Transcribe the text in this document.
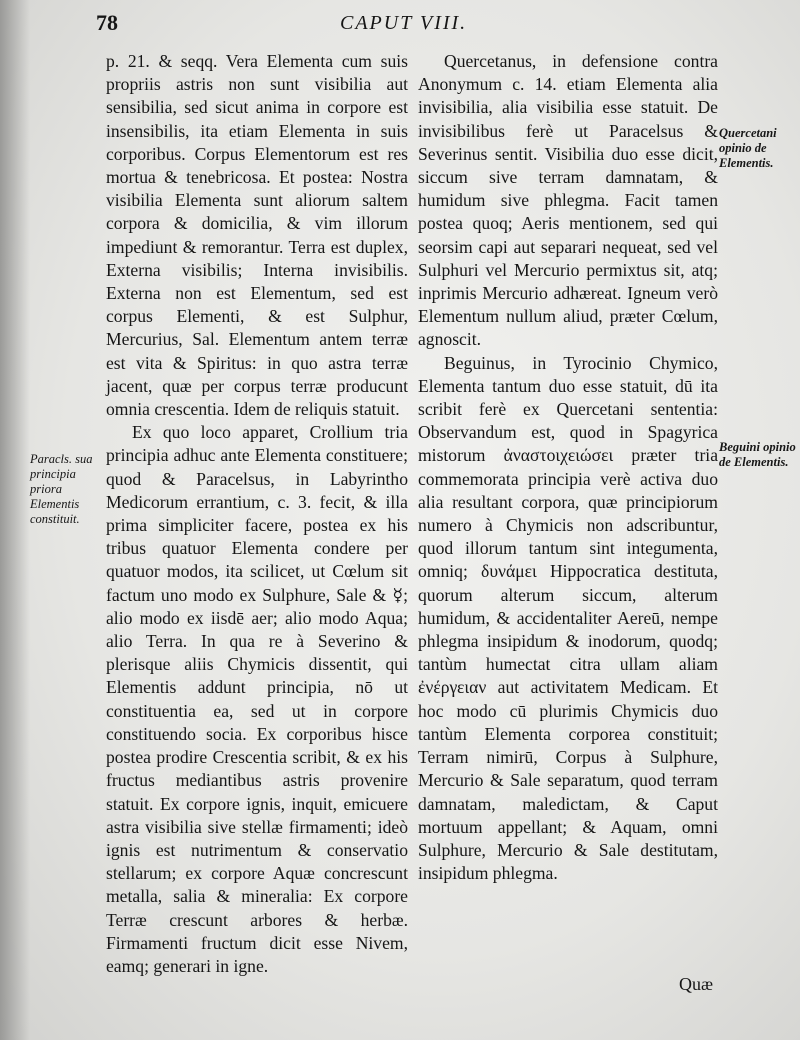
78	CAPUT VIII.

p. 21. & seqq. Vera Elementa cum suis propriis astris non sunt visibilia aut sensibilia, sed sicut anima in corpore est insensibilis, ita etiam Elementa in suis corporibus. Corpus Elementorum est res mortua & tenebricosa. Et postea: Nostra visibilia Elementa sunt aliorum saltem corpora & domicilia, & vim illorum impediunt & remorantur. Terra est duplex, Externa visibilis; Interna invisibilis. Externa non est Elementum, sed est corpus Elementi, & est Sulphur, Mercurius, Sal. Elementum antem terræ est vita & Spiritus: in quo astra terræ jacent, quæ per corpus terræ producunt omnia crescentia. Idem de reliquis statuit.

Ex quo loco apparet, Crollium tria principia adhuc ante Elementa constituere; quod & Paracelsus, in Labyrintho Medicorum errantium, c. 3. fecit, & illa prima simpliciter facere, postea ex his tribus quatuor Elementa condere per quatuor modos, ita scilicet, ut Cœlum sit factum uno modo ex Sulphure, Sale & ☿; alio modo ex iisdē aer; alio modo Aqua; alio Terra. In qua re à Severino & plerisque aliis Chymicis dissentit, qui Elementis addunt principia, nō ut constituentia ea, sed ut in corpore constituendo socia. Ex corporibus hisce postea prodire Crescentia scribit, & ex his fructus mediantibus astris provenire statuit. Ex corpore ignis, inquit, emicuere astra visibilia sive stellæ firmamenti; ideò ignis est nutrimentum & conservatio stellarum; ex corpore Aquæ concrescunt metalla, salia & mineralia: Ex corpore Terræ crescunt arbores & herbæ. Firmamenti fructum dicit esse Nivem, eamq; generari in igne.

Quercetanus, in defensione contra Anonymum c. 14. etiam Elementa alia invisibilia, alia visibilia esse statuit. De invisibilibus ferè ut Paracelsus & Severinus sentit. Visibilia duo esse dicit, siccum sive terram damnatam, & humidum sive phlegma. Facit tamen postea quoq; Aeris mentionem, sed qui seorsim capi aut separari nequeat, sed vel Sulphuri vel Mercurio permixtus sit, atq; inprimis Mercurio adhæreat. Igneum verò Elementum nullum aliud, præter Cœlum, agnoscit.

Beguinus, in Tyrocinio Chymico, Elementa tantum duo esse statuit, dū ita scribit ferè ex Quercetani sententia: Observandum est, quod in Spagyrica mistorum ἀναστοιχειώσει præter tria commemorata principia verè activa duo alia resultant corpora, quæ principiorum numero à Chymicis non adscribuntur, quod illorum tantum sint integumenta, omniq; δυνάμει Hippocratica destituta, quorum alterum siccum, alterum humidum, & accidentaliter Aereū, nempe phlegma insipidum & inodorum, quodq; tantùm humectat citra ullam aliam ἐνέργειαν aut activitatem Medicam. Et hoc modo cū plurimis Chymicis duo tantùm Elementa corporea constituit; Terram nimirū, Corpus à Sulphure, Mercurio & Sale separatum, quod terram damnatam, maledictam, & Caput mortuum appellant; & Aquam, omni Sulphure, Mercurio & Sale destitutam, insipidum phlegma.

Paracls. sua principia priora Elementis constituit.
Quercetani opinio de Elementis.
Beguini opinio de Elementis.
Quæ
